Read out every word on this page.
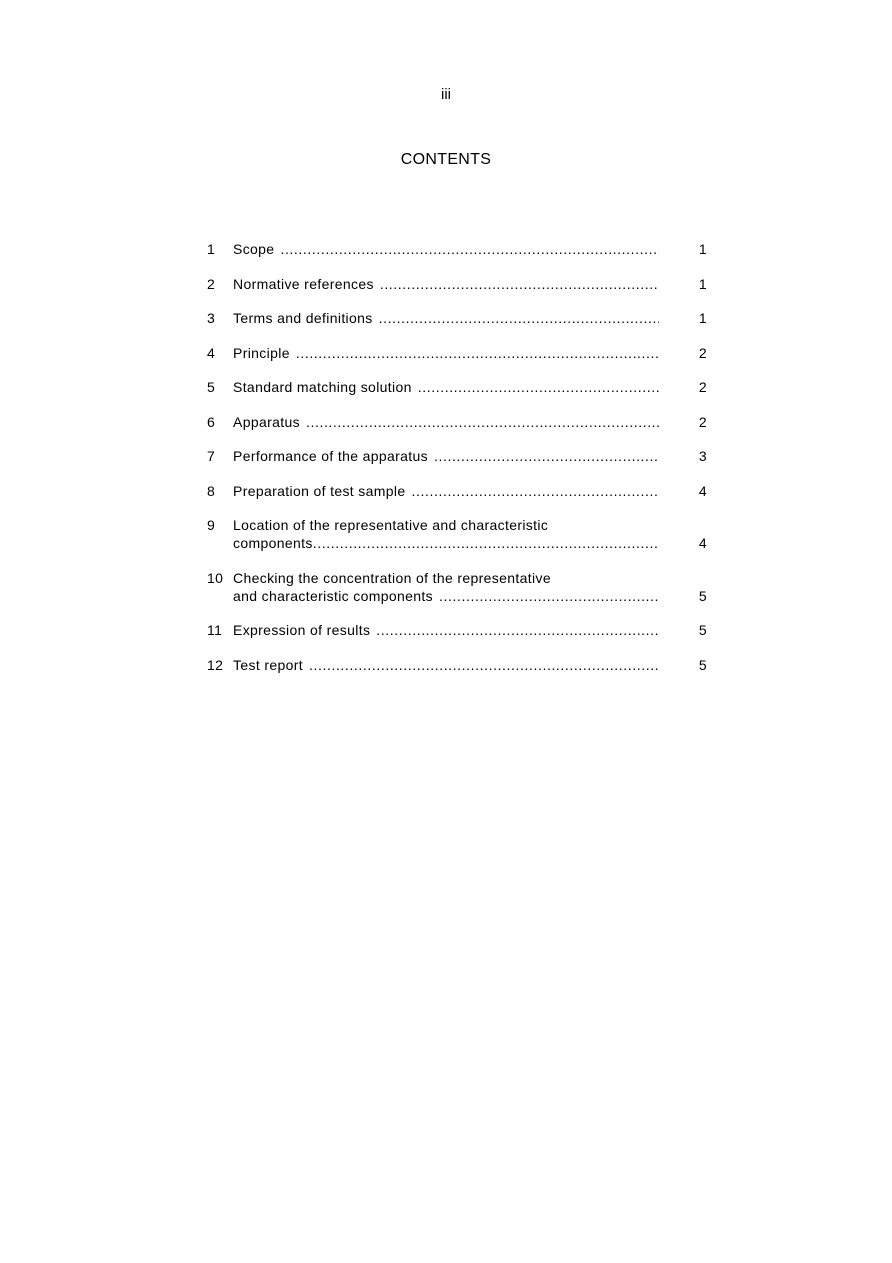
iii
CONTENTS
1	Scope .....	1
2	Normative references .....	1
3	Terms and definitions .....	1
4	Principle .....	2
5	Standard matching solution .....	2
6	Apparatus .....	2
7	Performance of the apparatus .....	3
8	Preparation of test sample .....	4
9	Location of the representative and characteristic
components .....	4
10 Checking the concentration of the representative
and characteristic components .....	5
11 Expression of results .....	5
12 Test report .....	5
